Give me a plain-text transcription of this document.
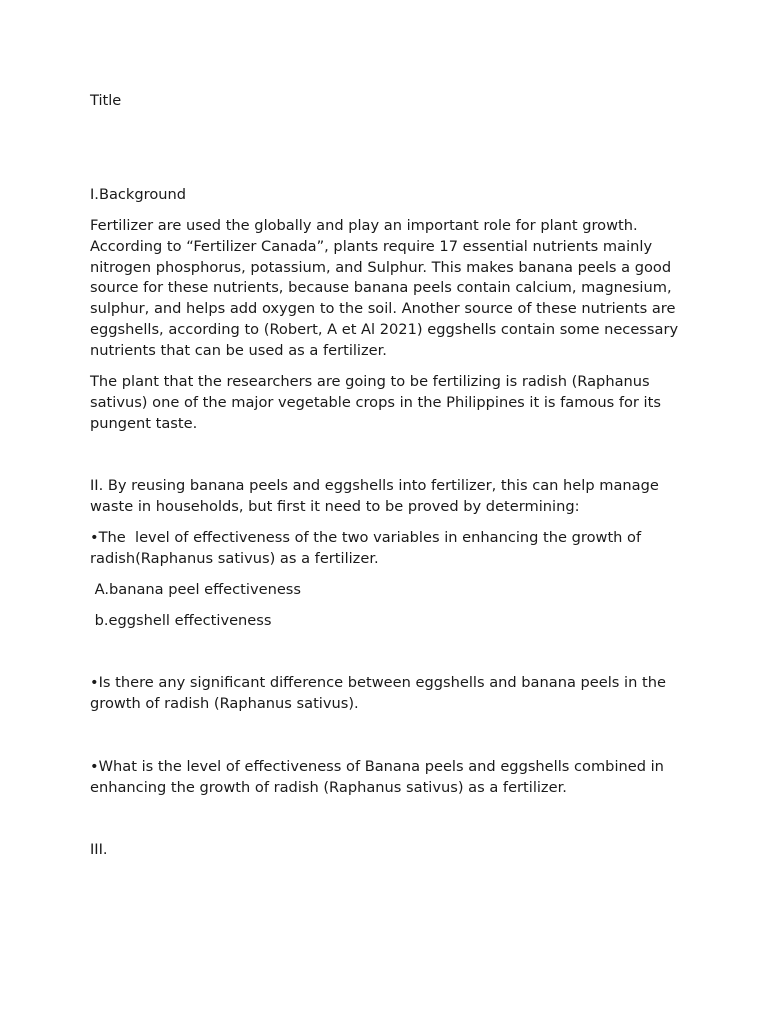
Title

I.Background

Fertilizer are used the globally and play an important role for plant growth. According to “Fertilizer Canada”, plants require 17 essential nutrients mainly nitrogen phosphorus, potassium, and Sulphur. This makes banana peels a good source for these nutrients, because banana peels contain calcium, magnesium, sulphur, and helps add oxygen to the soil. Another source of these nutrients are eggshells, according to (Robert, A et Al 2021) eggshells contain some necessary nutrients that can be used as a fertilizer.

The plant that the researchers are going to be fertilizing is radish (Raphanus sativus) one of the major vegetable crops in the Philippines it is famous for its pungent taste.

II. By reusing banana peels and eggshells into fertilizer, this can help manage waste in households, but first it need to be proved by determining:

•The  level of effectiveness of the two variables in enhancing the growth of radish(Raphanus sativus) as a fertilizer.

A.banana peel effectiveness

b.eggshell effectiveness

•Is there any significant difference between eggshells and banana peels in the growth of radish (Raphanus sativus).

•What is the level of effectiveness of Banana peels and eggshells combined in enhancing the growth of radish (Raphanus sativus) as a fertilizer.

III.
